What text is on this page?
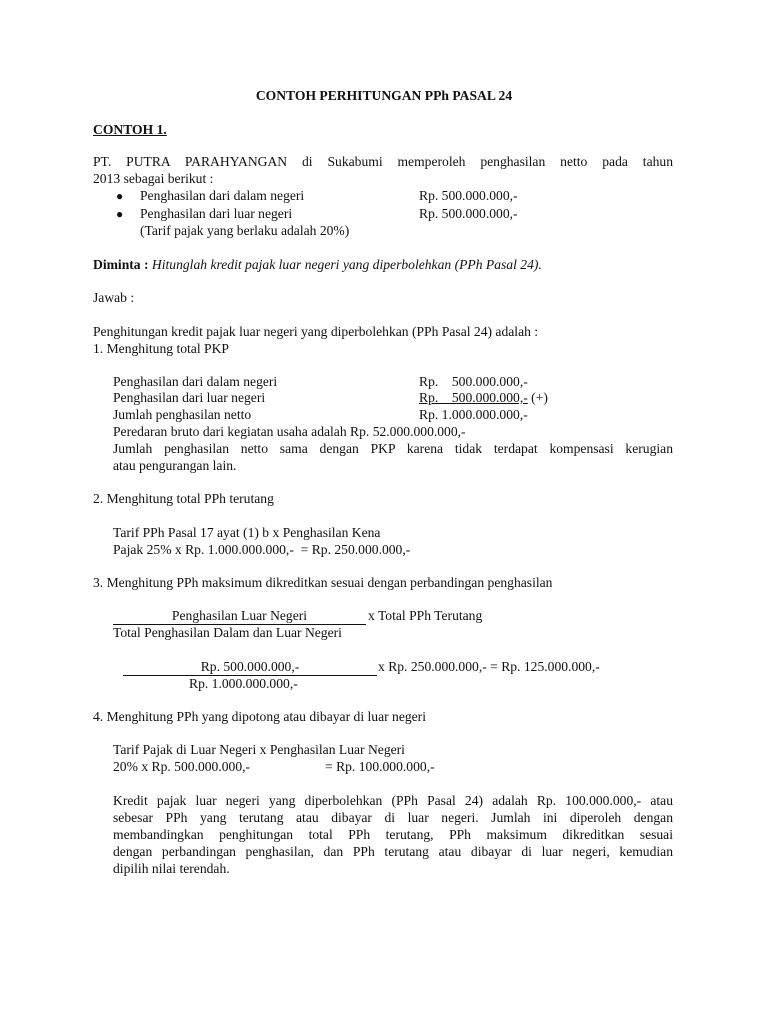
CONTOH PERHITUNGAN PPh PASAL 24
CONTOH 1.
PT. PUTRA PARAHYANGAN di Sukabumi memperoleh penghasilan netto pada tahun
2013 sebagai berikut :
● Penghasilan dari dalam negeri	Rp. 500.000.000,-
● Penghasilan dari luar negeri	Rp. 500.000.000,-
(Tarif pajak yang berlaku adalah 20%)
Diminta : Hitunglah kredit pajak luar negeri yang diperbolehkan (PPh Pasal 24).
Jawab :
Penghitungan kredit pajak luar negeri yang diperbolehkan (PPh Pasal 24) adalah :
1. Menghitung total PKP
Penghasilan dari dalam negeri	Rp.    500.000.000,-
Penghasilan dari luar negeri	Rp.    500.000.000,- (+)
Jumlah penghasilan netto	Rp. 1.000.000.000,-
Peredaran bruto dari kegiatan usaha adalah Rp. 52.000.000.000,-
Jumlah penghasilan netto sama dengan PKP karena tidak terdapat kompensasi kerugian
atau pengurangan lain.
2. Menghitung total PPh terutang
Tarif PPh Pasal 17 ayat (1) b x Penghasilan Kena
Pajak 25% x Rp. 1.000.000.000,-  = Rp. 250.000.000,-
3. Menghitung PPh maksimum dikreditkan sesuai dengan perbandingan penghasilan
Penghasilan Luar Negeri	x Total PPh Terutang
Total Penghasilan Dalam dan Luar Negeri
Rp. 500.000.000,-	x Rp. 250.000.000,- = Rp. 125.000.000,-
Rp. 1.000.000.000,-
4. Menghitung PPh yang dipotong atau dibayar di luar negeri
Tarif Pajak di Luar Negeri x Penghasilan Luar Negeri
20% x Rp. 500.000.000,-	= Rp. 100.000.000,-
Kredit pajak luar negeri yang diperbolehkan (PPh Pasal 24) adalah Rp. 100.000.000,- atau
sebesar PPh yang terutang atau dibayar di luar negeri. Jumlah ini diperoleh dengan
membandingkan penghitungan total PPh terutang, PPh maksimum dikreditkan sesuai
dengan perbandingan penghasilan, dan PPh terutang atau dibayar di luar negeri, kemudian
dipilih nilai terendah.
